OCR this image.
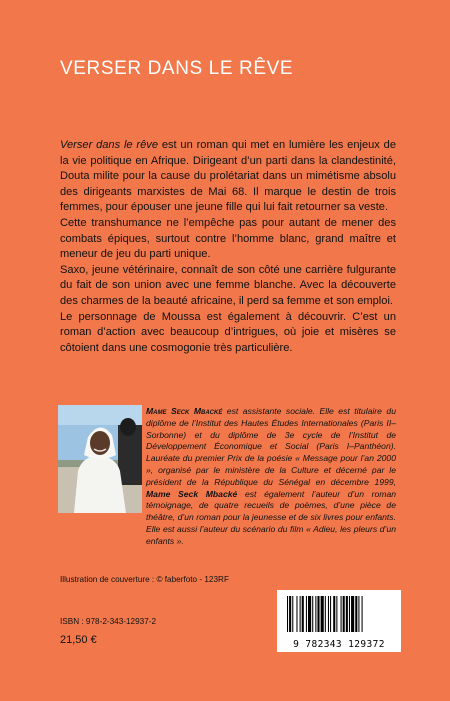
VERSER DANS LE RÊVE

Verser dans le rêve est un roman qui met en lumière les enjeux de la vie politique en Afrique. Dirigeant d’un parti dans la clandestinité, Douta milite pour la cause du prolétariat dans un mimétisme absolu des dirigeants marxistes de Mai 68. Il marque le destin de trois femmes, pour épouser une jeune fille qui lui fait retourner sa veste.

Cette transhumance ne l’empêche pas pour autant de mener des combats épiques, surtout contre l’homme blanc, grand maître et meneur de jeu du parti unique.

Saxo, jeune vétérinaire, connaît de son côté une carrière fulgurante du fait de son union avec une femme blanche. Avec la découverte des charmes de la beauté africaine, il perd sa femme et son emploi.

Le personnage de Moussa est également à découvrir. C’est un roman d’action avec beaucoup d’intrigues, où joie et misères se côtoient dans une cosmogonie très particulière.

Mame Seck Mbacké est assistante sociale. Elle est titulaire du diplôme de l’Institut des Hautes Études Internationales (Paris II–Sorbonne) et du diplôme de 3e cycle de l’Institut de Développement Économique et Social (Paris I–Panthéon). Lauréate du premier Prix de la poésie « Message pour l’an 2000 », organisé par le ministère de la Culture et décerné par le président de la République du Sénégal en décembre 1999, Mame Seck Mbacké est également l’auteur d’un roman témoignage, de quatre recueils de poèmes, d’une pièce de théâtre, d’un roman pour la jeunesse et de six livres pour enfants. Elle est aussi l’auteur du scénario du film « Adieu, les pleurs d’un enfants ».
Illustration de couverture : © faberfoto - 123RF
ISBN : 978-2-343-12937-2
21,50 €	9 782343 129372
